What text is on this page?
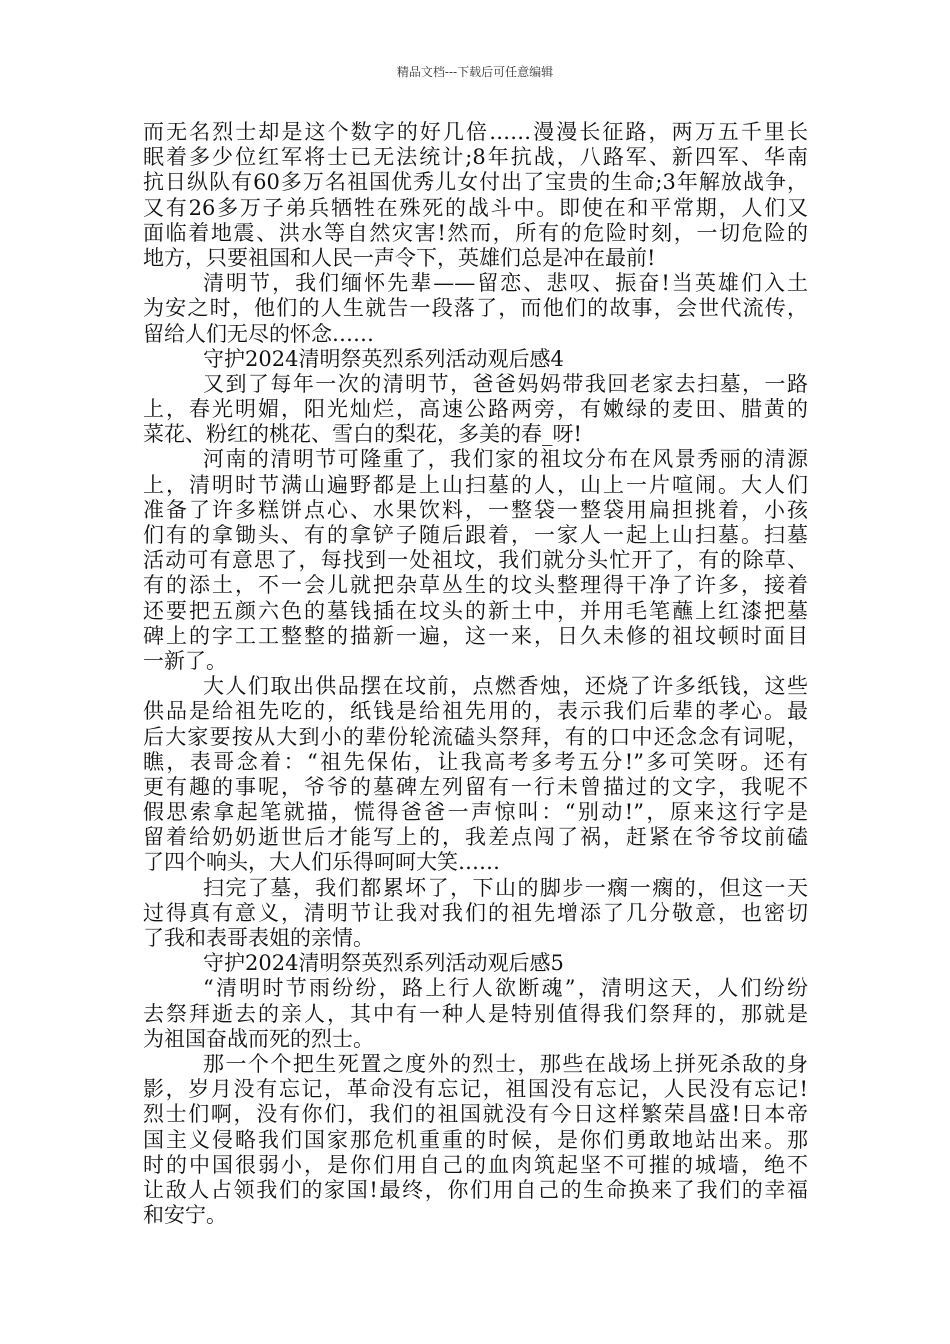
精品文档---下载后可任意编辑
而无名烈士却是这个数字的好几倍……漫漫长征路，两万五千里长
眠着多少位红军将士已无法统计;8年抗战，八路军、新四军、华南
抗日纵队有60多万名祖国优秀儿女付出了宝贵的生命;3年解放战争，
又有26多万子弟兵牺牲在殊死的战斗中。即使在和平常期，人们又
面临着地震、洪水等自然灾害!然而，所有的危险时刻，一切危险的
地方，只要祖国和人民一声令下，英雄们总是冲在最前!
清明节，我们缅怀先辈——留恋、悲叹、振奋!当英雄们入土
为安之时，他们的人生就告一段落了，而他们的故事，会世代流传，
留给人们无尽的怀念……
守护2024清明祭英烈系列活动观后感4
又到了每年一次的清明节，爸爸妈妈带我回老家去扫墓，一路
上，春光明媚，阳光灿烂，高速公路两旁，有嫩绿的麦田、腊黄的
菜花、粉红的桃花、雪白的梨花，多美的春_呀!
河南的清明节可隆重了，我们家的祖坟分布在风景秀丽的清源
上，清明时节满山遍野都是上山扫墓的人，山上一片喧闹。大人们
准备了许多糕饼点心、水果饮料，一整袋一整袋用扁担挑着，小孩
们有的拿锄头、有的拿铲子随后跟着，一家人一起上山扫墓。扫墓
活动可有意思了，每找到一处祖坟，我们就分头忙开了，有的除草、
有的添土，不一会儿就把杂草丛生的坟头整理得干净了许多，接着
还要把五颜六色的墓钱插在坟头的新土中，并用毛笔蘸上红漆把墓
碑上的字工工整整的描新一遍，这一来，日久未修的祖坟顿时面目
一新了。
大人们取出供品摆在坟前，点燃香烛，还烧了许多纸钱，这些
供品是给祖先吃的，纸钱是给祖先用的，表示我们后辈的孝心。最
后大家要按从大到小的辈份轮流磕头祭拜，有的口中还念念有词呢，
瞧，表哥念着：“祖先保佑，让我高考多考五分!”多可笑呀。还有
更有趣的事呢，爷爷的墓碑左列留有一行未曾描过的文字，我呢不
假思索拿起笔就描，慌得爸爸一声惊叫：“别动!”，原来这行字是
留着给奶奶逝世后才能写上的，我差点闯了祸，赶紧在爷爷坟前磕
了四个响头，大人们乐得呵呵大笑……
扫完了墓，我们都累坏了，下山的脚步一瘸一瘸的，但这一天
过得真有意义，清明节让我对我们的祖先增添了几分敬意，也密切
了我和表哥表姐的亲情。
守护2024清明祭英烈系列活动观后感5
“清明时节雨纷纷，路上行人欲断魂”，清明这天，人们纷纷
去祭拜逝去的亲人，其中有一种人是特别值得我们祭拜的，那就是
为祖国奋战而死的烈士。
那一个个把生死置之度外的烈士，那些在战场上拼死杀敌的身
影，岁月没有忘记，革命没有忘记，祖国没有忘记，人民没有忘记!
烈士们啊，没有你们，我们的祖国就没有今日这样繁荣昌盛!日本帝
国主义侵略我们国家那危机重重的时候，是你们勇敢地站出来。那
时的中国很弱小，是你们用自己的血肉筑起坚不可摧的城墙，绝不
让敌人占领我们的家国!最终，你们用自己的生命换来了我们的幸福
和安宁。
